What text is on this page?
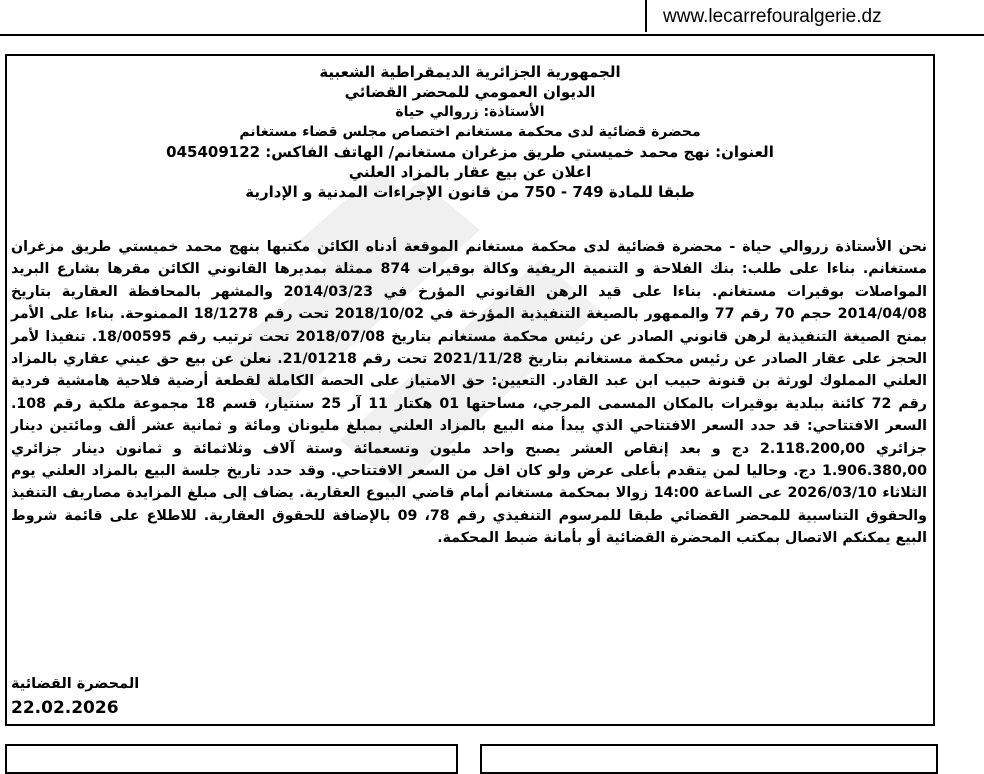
www.lecarrefouralgerie.dz
الجمهورية الجزائرية الديمقراطية الشعبية
الديوان العمومي للمحضر القضائي
الأستاذة: زروالي حياة
محضرة قضائية لدى محكمة مستغانم اختصاص مجلس قضاء مستغانم
العنوان: نهج محمد خميستي طريق مزغران مستغانم/ الهاتف الفاكس: 045409122
اعلان عن بيع عقار بالمزاد العلني
طبقا للمادة 749 - 750 من قانون الإجراءات المدنية و الإدارية
نحن الأستاذة زروالي حياة - محضرة قضائية لدى محكمة مستغانم الموقعة أدناه الكائن مكتبها بنهج محمد خميستي طريق مزغران مستغانم. بناءا على طلب: بنك الفلاحة و التنمية الريفية وكالة بوقيرات 874 ممثلة بمديرها القانوني الكائن مقرها بشارع البريد المواصلات بوقيرات مستغانم. بناءا على قيد الرهن القانوني المؤرخ في 2014/03/23 والمشهر بالمحافظة العقارية بتاريخ 2014/04/08 حجم 70 رقم 77 والممهور بالصيغة التنفيذية المؤرخة في 2018/10/02 تحت رقم 18/1278 الممنوحة. بناءا على الأمر بمنح الصيغة التنفيذية لرهن قانوني الصادر عن رئيس محكمة مستغانم بتاريخ 2018/07/08 تحت ترتيب رقم 18/00595. تنفيذا لأمر الحجز على عقار الصادر عن رئيس محكمة مستغانم بتاريخ 2021/11/28 تحت رقم 21/01218. نعلن عن بيع حق عيني عقاري بالمزاد العلني المملوك لورثة بن قنونة حبيب ابن عبد القادر. التعيين: حق الامتياز على الحصة الكاملة لقطعة أرضية فلاحية هامشية فردية رقم 72 كائنة ببلدية بوقيرات بالمكان المسمى المرجي، مساحتها 01 هكتار 11 آر 25 سنتيار، قسم 18 مجموعة ملكية رقم 108. السعر الافتتاحي: قد حدد السعر الافتتاحي الذي يبدأ منه البيع بالمزاد العلني بمبلغ مليونان ومائة و ثمانية عشر ألف ومائتين دينار جزائري 2.118.200,00 دج و بعد إنقاص العشر يصبح واحد مليون وتسعمائة وستة آلاف وثلاثمائة و ثمانون دينار جزائري 1.906.380,00 دج. وحاليا لمن يتقدم بأعلى عرض ولو كان اقل من السعر الافتتاحي. وقد حدد تاريخ جلسة البيع بالمزاد العلني يوم الثلاثاء 2026/03/10 عى الساعة 14:00 زوالا بمحكمة مستغانم أمام قاضي البيوع العقارية. يضاف إلى مبلغ المزايدة مصاريف التنفيذ والحقوق التناسبية للمحضر القضائي طبقا للمرسوم التنفيذي رقم 78، 09 بالإضافة للحقوق العقارية. للاطلاع على قائمة شروط البيع يمكنكم الاتصال بمكتب المحضرة القضائية أو بأمانة ضبط المحكمة.
المحضرة القضائية
22.02.2026
